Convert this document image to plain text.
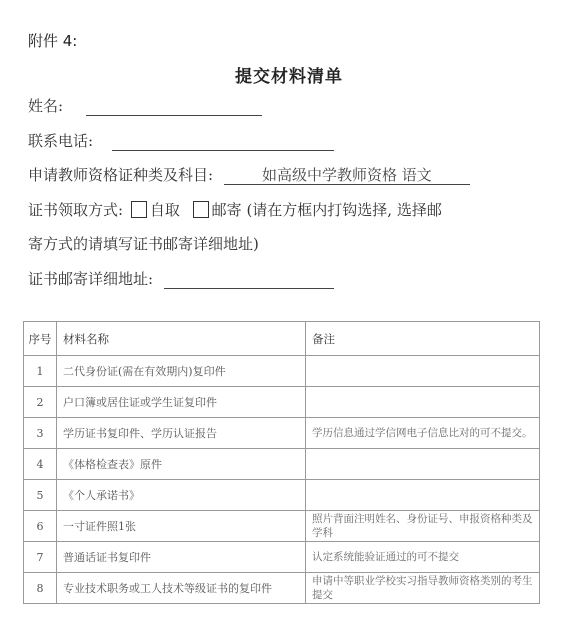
附件 4:
提交材料清单
姓名:
联系电话:
申请教师资格证种类及科目:	如高级中学教师资格 语文
证书领取方式: 自取 邮寄 (请在方框内打钩选择, 选择邮
寄方式的请填写证书邮寄详细地址)
证书邮寄详细地址:
序号	材料名称	备注
1	二代身份证(需在有效期内)复印件	
2	户口簿或居住证或学生证复印件	
3	学历证书复印件、学历认证报告	学历信息通过学信网电子信息比对的可不提交。
4	《体格检查表》原件	
5	《个人承诺书》	
6	一寸证件照1张	照片背面注明姓名、身份证号、申报资格种类及学科
7	普通话证书复印件	认定系统能验证通过的可不提交
8	专业技术职务或工人技术等级证书的复印件	申请中等职业学校实习指导教师资格类别的考生提交
